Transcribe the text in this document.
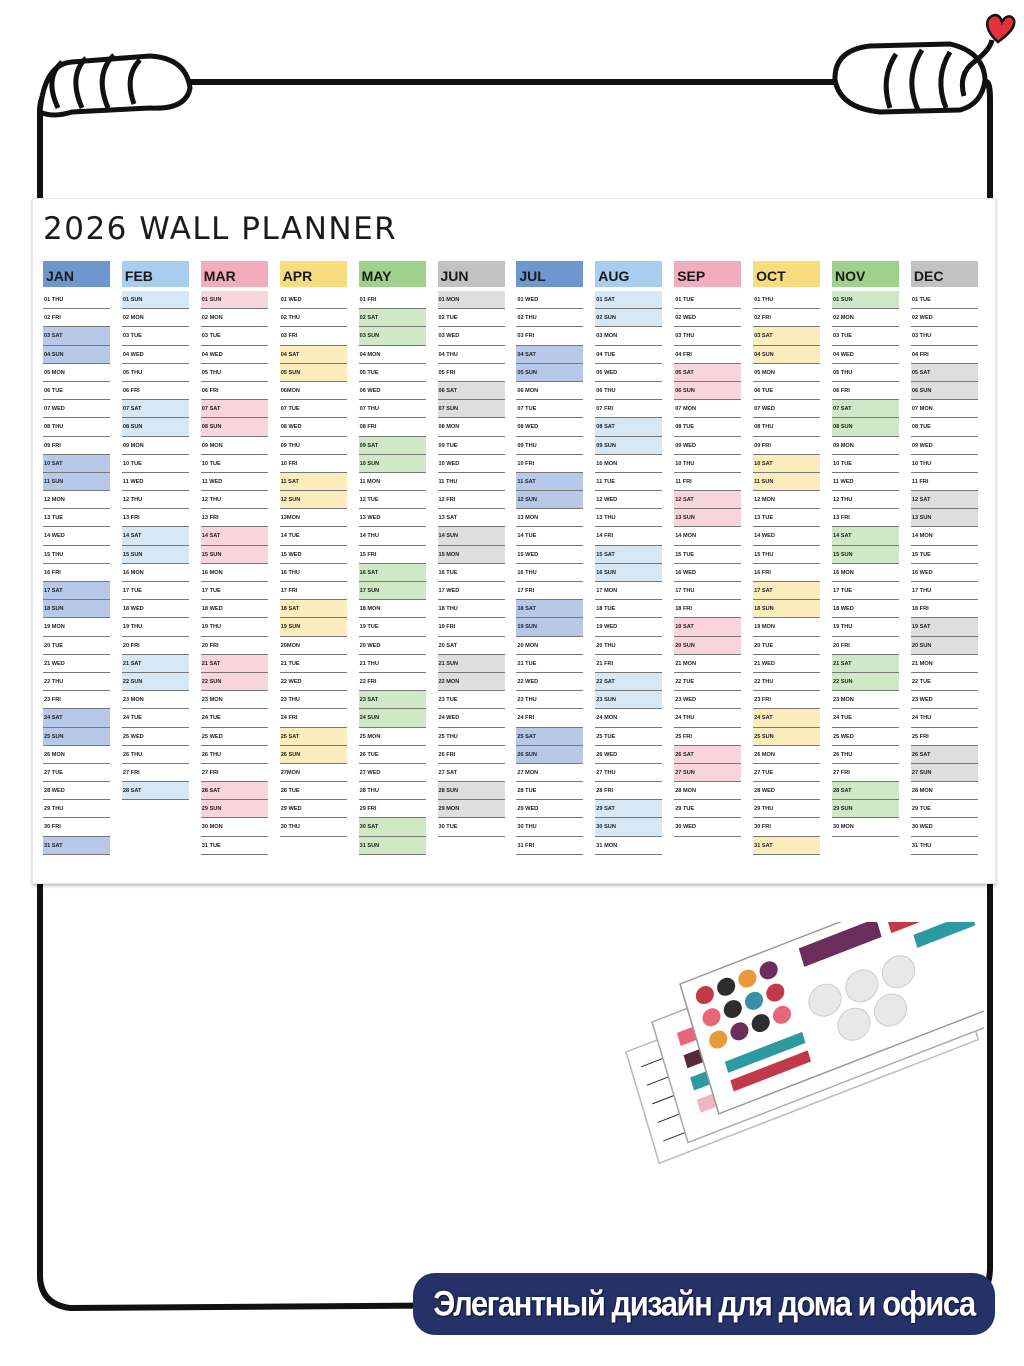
2026 WALL PLANNER
JAN
01 THU
02 FRI
03 SAT
04 SUN
05 MON
06 TUE
07 WED
08 THU
09 FRI
10 SAT
11 SUN
12 MON
13 TUE
14 WED
15 THU
16 FRI
17 SAT
18 SUN
19 MON
20 TUE
21 WED
22 THU
23 FRI
24 SAT
25 SUN
26 MON
27 TUE
28 WED
29 THU
30 FRI
31 SAT
FEB
01 SUN
02 MON
03 TUE
04 WED
05 THU
06 FRI
07 SAT
08 SUN
09 MON
10 TUE
11 WED
12 THU
13 FRI
14 SAT
15 SUN
16 MON
17 TUE
18 WED
19 THU
20 FRI
21 SAT
22 SUN
23 MON
24 TUE
25 WED
26 THU
27 FRI
28 SAT
MAR
01 SUN
02 MON
03 TUE
04 WED
05 THU
06 FRI
07 SAT
08 SUN
09 MON
10 TUE
11 WED
12 THU
13 FRI
14 SAT
15 SUN
16 MON
17 TUE
18 WED
19 THU
20 FRI
21 SAT
22 SUN
23 MON
24 TUE
25 WED
26 THU
27 FRI
28 SAT
29 SUN
30 MON
31 TUE
APR
01 WED
02 THU
03 FRI
04 SAT
05 SUN
06MON
07 TUE
08 WED
09 THU
10 FRI
11 SAT
12 SUN
13MON
14 TUE
15 WED
16 THU
17 FRI
18 SAT
19 SUN
20MON
21 TUE
22 WED
23 THU
24 FRI
25 SAT
26 SUN
27MON
28 TUE
29 WED
30 THU
MAY
01 FRI
02 SAT
03 SUN
04 MON
05 TUE
06 WED
07 THU
08 FRI
09 SAT
10 SUN
11 MON
12 TUE
13 WED
14 THU
15 FRI
16 SAT
17 SUN
18 MON
19 TUE
20 WED
21 THU
22 FRI
23 SAT
24 SUN
25 MON
26 TUE
27 WED
28 THU
29 FRI
30 SAT
31 SUN
JUN
01 MON
02 TUE
03 WED
04 THU
05 FRI
06 SAT
07 SUN
08 MON
09 TUE
10 WED
11 THU
12 FRI
13 SAT
14 SUN
15 MON
16 TUE
17 WED
18 THU
19 FRI
20 SAT
21 SUN
22 MON
23 TUE
24 WED
25 THU
26 FRI
27 SAT
28 SUN
29 MON
30 TUE
JUL
01 WED
02 THU
03 FRI
04 SAT
05 SUN
06 MON
07 TUE
08 WED
09 THU
10 FRI
11 SAT
12 SUN
13 MON
14 TUE
15 WED
16 THU
17 FRI
18 SAT
19 SUN
20 MON
21 TUE
22 WED
23 THU
24 FRI
25 SAT
26 SUN
27 MON
28 TUE
29 WED
30 THU
31 FRI
AUG
01 SAT
02 SUN
03 MON
04 TUE
05 WED
06 THU
07 FRI
08 SAT
09 SUN
10 MON
11 TUE
12 WED
13 THU
14 FRI
15 SAT
16 SUN
17 MON
18 TUE
19 WED
20 THU
21 FRI
22 SAT
23 SUN
24 MON
25 TUE
26 WED
27 THU
28 FRI
29 SAT
30 SUN
31 MON
SEP
01 TUE
02 WED
03 THU
04 FRI
05 SAT
06 SUN
07 MON
08 TUE
09 WED
10 THU
11 FRI
12 SAT
13 SUN
14 MON
15 TUE
16 WED
17 THU
18 FRI
19 SAT
20 SUN
21 MON
22 TUE
23 WED
24 THU
25 FRI
26 SAT
27 SUN
28 MON
29 TUE
30 WED
OCT
01 THU
02 FRI
03 SAT
04 SUN
05 MON
06 TUE
07 WED
08 THU
09 FRI
10 SAT
11 SUN
12 MON
13 TUE
14 WED
15 THU
16 FRI
17 SAT
18 SUN
19 MON
20 TUE
21 WED
22 THU
23 FRI
24 SAT
25 SUN
26 MON
27 TUE
28 WED
29 THU
30 FRI
31 SAT
NOV
01 SUN
02 MON
03 TUE
04 WED
05 THU
06 FRI
07 SAT
08 SUN
09 MON
10 TUE
11 WED
12 THU
13 FRI
14 SAT
15 SUN
16 MON
17 TUE
18 WED
19 THU
20 FRI
21 SAT
22 SUN
23 MON
24 TUE
25 WED
26 THU
27 FRI
28 SAT
29 SUN
30 MON
DEC
01 TUE
02 WED
03 THU
04 FRI
05 SAT
06 SUN
07 MON
08 TUE
09 WED
10 THU
11 FRI
12 SAT
13 SUN
14 MON
15 TUE
16 WED
17 THU
18 FRI
19 SAT
20 SUN
21 MON
22 TUE
23 WED
24 THU
25 FRI
26 SAT
27 SUN
28 MON
29 TUE
30 WED
31 THU
Элегантный дизайн для дома и офиса
